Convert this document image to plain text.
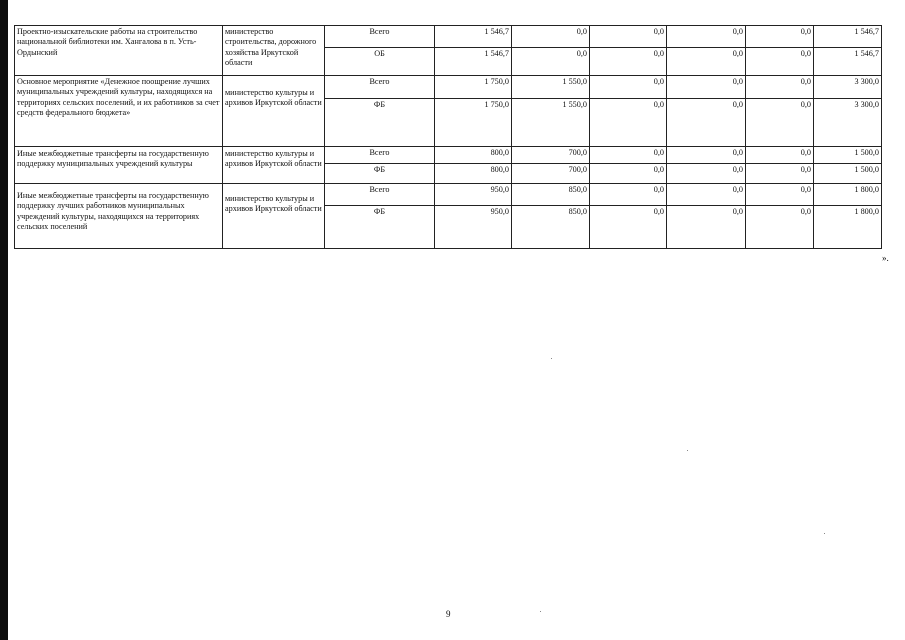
Проектно-изыскательские работы на строительство национальной библиотеки им. Хангалова в п. Усть-Ордынский	министерство строительства, дорожного хозяйства Иркутской области	Всего	1 546,7	0,0	0,0	0,0	0,0	1 546,7
		ОБ	1 546,7	0,0	0,0	0,0	0,0	1 546,7
Основное мероприятие «Денежное поощрение лучших муниципальных учреждений культуры, находящихся на территориях сельских поселений, и их работников за счет средств федерального бюджета»	министерство культуры и архивов Иркутской области	Всего	1 750,0	1 550,0	0,0	0,0	0,0	3 300,0
		ФБ	1 750,0	1 550,0	0,0	0,0	0,0	3 300,0
Иные межбюджетные трансферты на государственную поддержку муниципальных учреждений культуры	министерство культуры и архивов Иркутской области	Всего	800,0	700,0	0,0	0,0	0,0	1 500,0
		ФБ	800,0	700,0	0,0	0,0	0,0	1 500,0
Иные межбюджетные трансферты на государственную поддержку лучших работников муниципальных учреждений культуры, находящихся на территориях сельских поселений	министерство культуры и архивов Иркутской области	Всего	950,0	850,0	0,0	0,0	0,0	1 800,0
		ФБ	950,0	850,0	0,0	0,0	0,0	1 800,0
».
9
